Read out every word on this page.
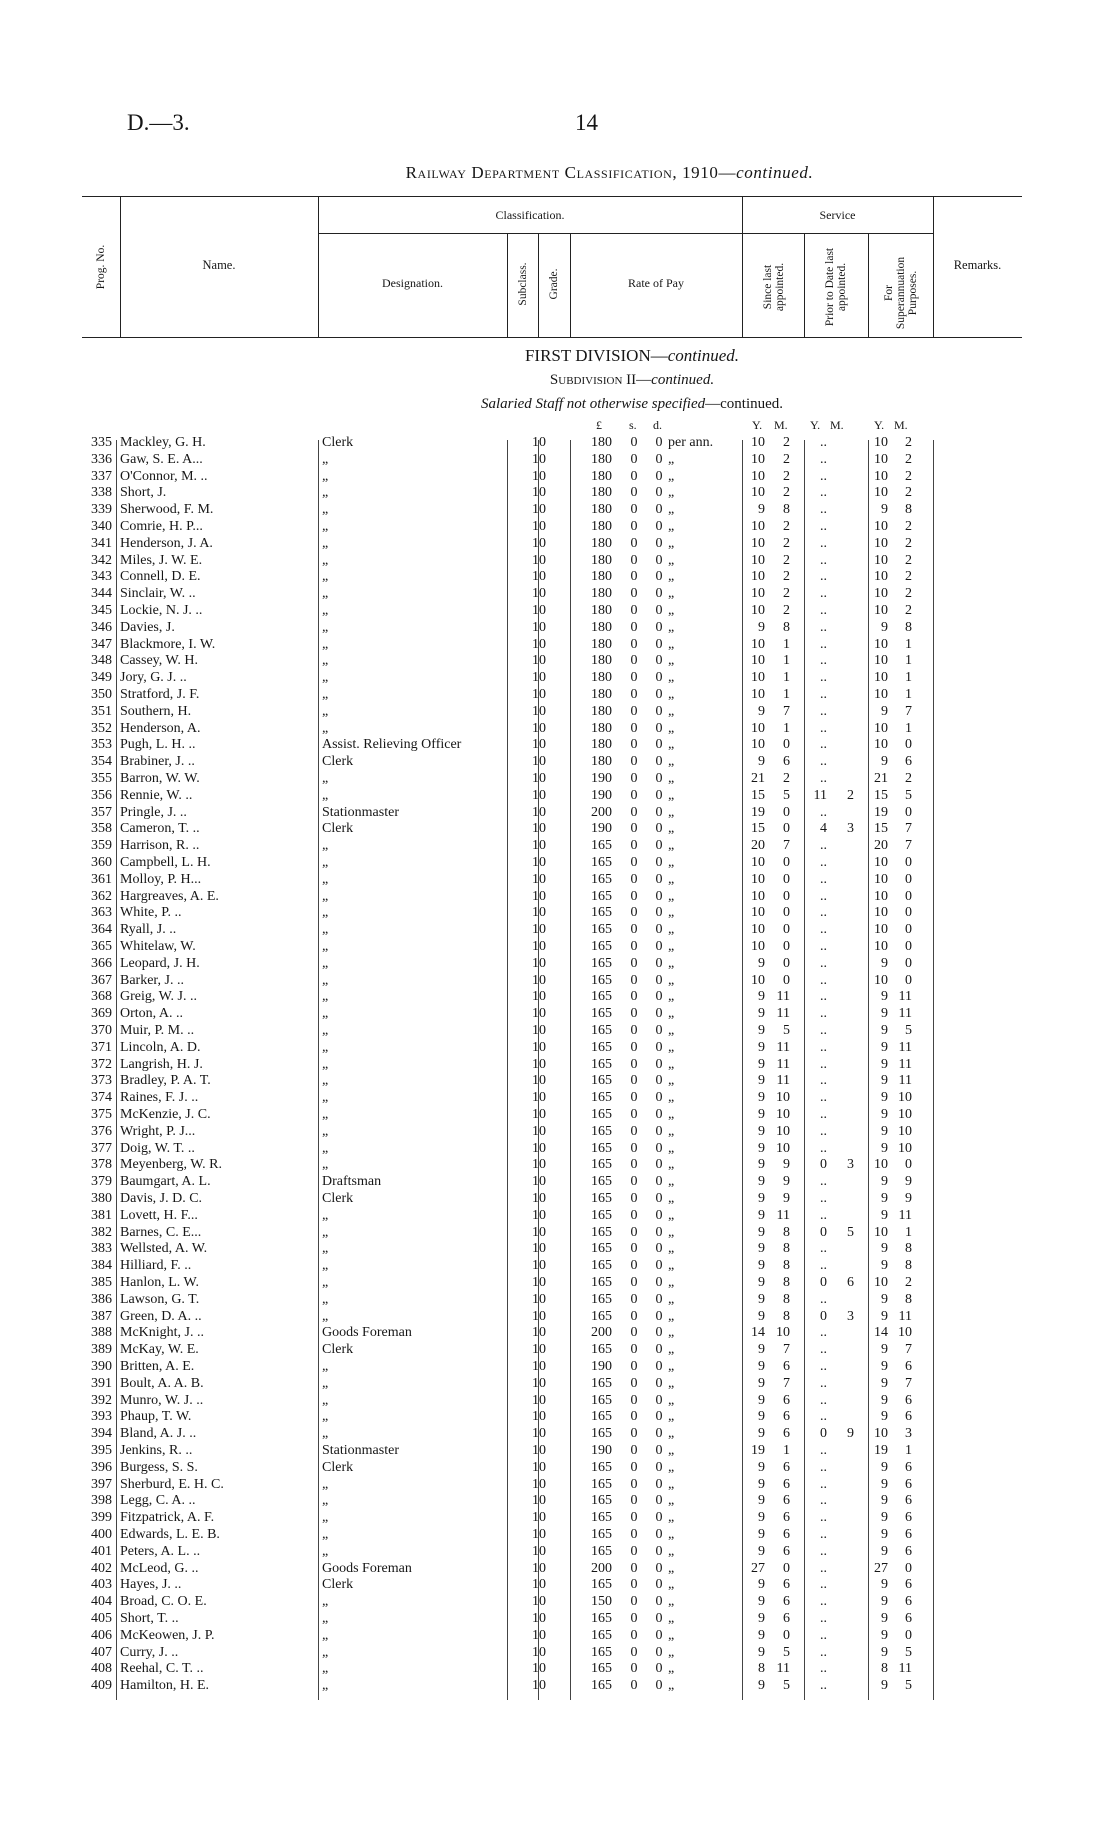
D.—3.	14
Railway Department Classification, 1910—continued.
Prog. No.	Name.
Classification.
Designation.	Subclass. Grade.	Rate of Pay
Service
Since last appointed.	Prior to Date last appointed.	For Superannuation Purposes.
Remarks.
FIRST DIVISION—continued.
Subdivision II—continued.
Salaried Staff not otherwise specified—continued.
£ s. d.	Y. M. Y. M.	Y. M.
335 Mackley, G. H.	Clerk	10	180 0 0 per ann.	10	2	..	10	2
336 Gaw, S. E. A...	„	10	180 0 0 „	10	2	..	10	2
337 O'Connor, M. ..	„	10	180 0 0 „	10	2	..	10	2
338 Short, J.	„	10	180 0 0 „	10	2	..	10	2
339 Sherwood, F. M.	„	10	180 0 0 „	9	8	..	9	8
340 Comrie, H. P...	„	10	180 0 0 „	10	2	..	10	2
341 Henderson, J. A.	„	10	180 0 0 „	10	2	..	10	2
342 Miles, J. W. E.	„	10	180 0 0 „	10	2	..	10	2
343 Connell, D. E.	„	10	180 0 0 „	10	2	..	10	2
344 Sinclair, W. ..	„	10	180 0 0 „	10	2	..	10	2
345 Lockie, N. J. ..	„	10	180 0 0 „	10	2	..	10	2
346 Davies, J.	„	10	180 0 0 „	9	8	..	9	8
347 Blackmore, I. W.	„	10	180 0 0 „	10	1	..	10	1
348 Cassey, W. H.	„	10	180 0 0 „	10	1	..	10	1
349 Jory, G. J. ..	„	10	180 0 0 „	10	1	..	10	1
350 Stratford, J. F.	„	10	180 0 0 „	10	1	..	10	1
351 Southern, H.	„	10	180 0 0 „	9	7	..	9	7
352 Henderson, A.	„	10	180 0 0 „	10	1	..	10	1
353 Pugh, L. H. ..	Assist. Relieving Officer	10	180 0 0 „	10	0	..	10	0
354 Brabiner, J. ..	Clerk	10	180 0 0 „	9	6	..	9	6
355 Barron, W. W.	„	10	190 0 0 „	21	2	..	21	2
356 Rennie, W. ..	„	10	190 0 0 „	15	5	11	2	15	5
357 Pringle, J. ..	Stationmaster	10	200 0 0 „	19	0	..	19	0
358 Cameron, T. ..	Clerk	10	190 0 0 „	15	0	4	3	15	7
359 Harrison, R. ..	„	10	165 0 0 „	20	7	..	20	7
360 Campbell, L. H.	„	10	165 0 0 „	10	0	..	10	0
361 Molloy, P. H...	„	10	165 0 0 „	10	0	..	10	0
362 Hargreaves, A. E.	„	10	165 0 0 „	10	0	..	10	0
363 White, P. ..	„	10	165 0 0 „	10	0	..	10	0
364 Ryall, J. ..	„	10	165 0 0 „	10	0	..	10	0
365 Whitelaw, W.	„	10	165 0 0 „	10	0	..	10	0
366 Leopard, J. H.	„	10	165 0 0 „	9	0	..	9	0
367 Barker, J. ..	„	10	165 0 0 „	10	0	..	10	0
368 Greig, W. J. ..	„	10	165 0 0 „	9 11	..	9 11
369 Orton, A. ..	„	10	165 0 0 „	9 11	..	9 11
370 Muir, P. M. ..	„	10	165 0 0 „	9	5	..	9	5
371 Lincoln, A. D.	„	10	165 0 0 „	9 11	..	9 11
372 Langrish, H. J.	„	10	165 0 0 „	9 11	..	9 11
373 Bradley, P. A. T.	„	10	165 0 0 „	9 11	..	9 11
374 Raines, F. J. ..	„	10	165 0 0 „	9 10	..	9 10
375 McKenzie, J. C.	„	10	165 0 0 „	9 10	..	9 10
376 Wright, P. J...	„	10	165 0 0 „	9 10	..	9 10
377 Doig, W. T. ..	„	10	165 0 0 „	9 10	..	9 10
378 Meyenberg, W. R.	„	10	165 0 0 „	9	9	0	3	10	0
379 Baumgart, A. L.	Draftsman	10	165 0 0 „	9	9	..	9	9
380 Davis, J. D. C.	Clerk	10	165 0 0 „	9	9	..	9	9
381 Lovett, H. F...	„	10	165 0 0 „	9 11	..	9 11
382 Barnes, C. E...	„	10	165 0 0 „	9	8	0	5	10	1
383 Wellsted, A. W.	„	10	165 0 0 „	9	8	..	9	8
384 Hilliard, F. ..	„	10	165 0 0 „	9	8	..	9	8
385 Hanlon, L. W.	„	10	165 0 0 „	9	8	0	6	10	2
386 Lawson, G. T.	„	10	165 0 0 „	9	8	..	9	8
387 Green, D. A. ..	„	10	165 0 0 „	9	8	0	3	9 11
388 McKnight, J. ..	Goods Foreman	10	200 0 0 „	14 10	..	14 10
389 McKay, W. E.	Clerk	10	165 0 0 „	9	7	..	9	7
390 Britten, A. E.	„	10	190 0 0 „	9	6	..	9	6
391 Boult, A. A. B.	„	10	165 0 0 „	9	7	..	9	7
392 Munro, W. J. ..	„	10	165 0 0 „	9	6	..	9	6
393 Phaup, T. W.	„	10	165 0 0 „	9	6	..	9	6
394 Bland, A. J. ..	„	10	165 0 0 „	9	6	0	9	10	3
395 Jenkins, R. ..	Stationmaster	10	190 0 0 „	19	1	..	19	1
396 Burgess, S. S.	Clerk	10	165 0 0 „	9	6	..	9	6
397 Sherburd, E. H. C.	„	10	165 0 0 „	9	6	..	9	6
398 Legg, C. A. ..	„	10	165 0 0 „	9	6	..	9	6
399 Fitzpatrick, A. F.	„	10	165 0 0 „	9	6	..	9	6
400 Edwards, L. E. B.	„	10	165 0 0 „	9	6	..	9	6
401 Peters, A. L. ..	„	10	165 0 0 „	9	6	..	9	6
402 McLeod, G. ..	Goods Foreman	10	200 0 0 „	27	0	..	27	0
403 Hayes, J. ..	Clerk	10	165 0 0 „	9	6	..	9	6
404 Broad, C. O. E.	„	10	150 0 0 „	9	6	..	9	6
405 Short, T. ..	„	10	165 0 0 „	9	6	..	9	6
406 McKeowen, J. P.	„	10	165 0 0 „	9	0	..	9	0
407 Curry, J. ..	„	10	165 0 0 „	9	5	..	9	5
408 Reehal, C. T. ..	„	10	165 0 0 „	8 11	..	8 11
409 Hamilton, H. E.	„	10	165 0 0 „	9	5	..	9	5
